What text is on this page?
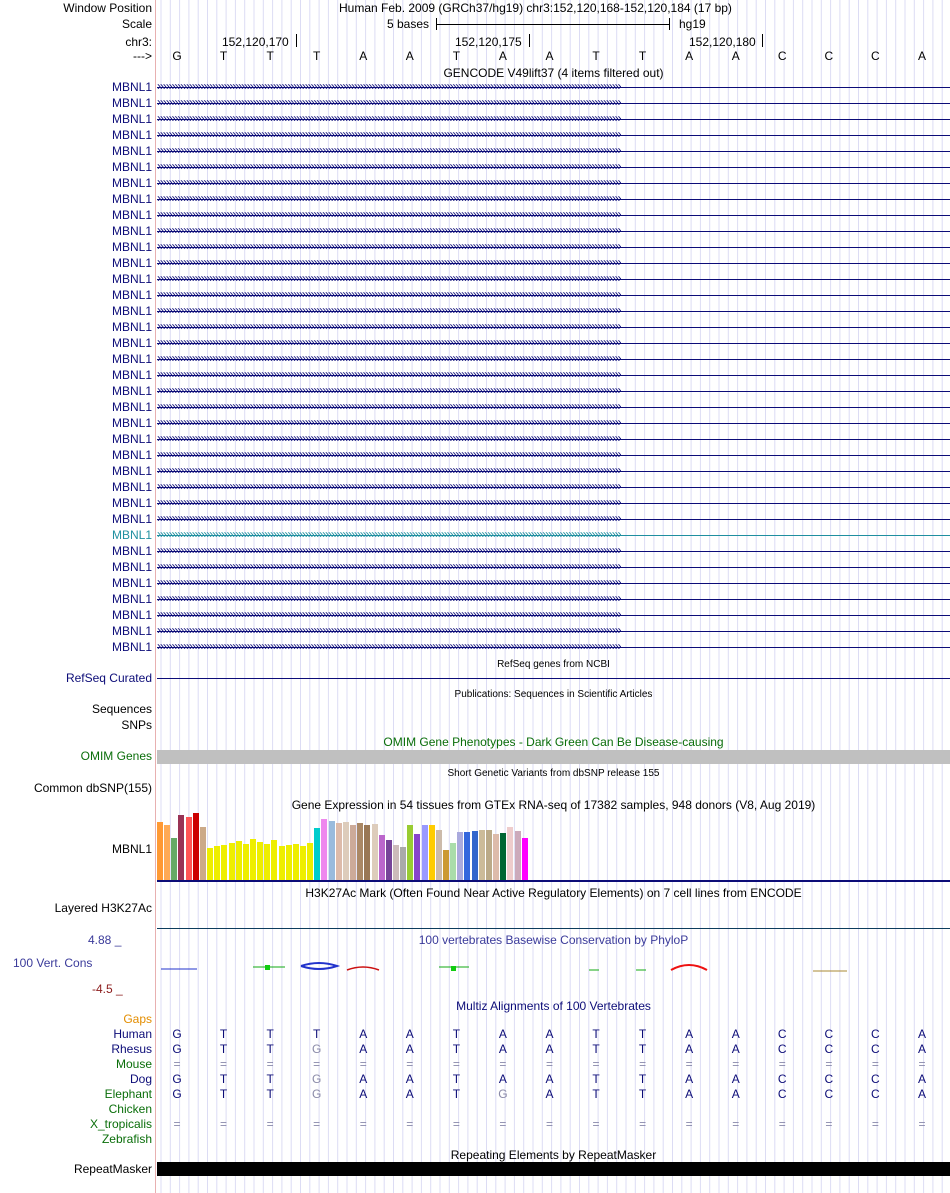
Window Position	Human Feb. 2009 (GRCh37/hg19) chr3:152,120,168-152,120,184 (17 bp)
Scale	5 bases	hg19
chr3:	152,120,170	152,120,175	152,120,180
---> G	T	T	T	A	A	T	A	A	T	T	A	A	C	C	C	A
GENCODE V49lift37 (4 items filtered out)
MBNL1 ››››››››››››››››››››››››››››››››››››››››››››››››››››››››››››››››››››››››››››››››››››››››››››››››››››››››››››››››››››››››››››››››››››››››››››››››››››››››››››››››
MBNL1 ››››››››››››››››››››››››››››››››››››››››››››››››››››››››››››››››››››››››››››››››››››››››››››››››››››››››››››››››››››››››››››››››››››››››››››››››››››››››››››››››
MBNL1 ››››››››››››››››››››››››››››››››››››››››››››››››››››››››››››››››››››››››››››››››››››››››››››››››››››››››››››››››››››››››››››››››››››››››››››››››››››››››››››››››
MBNL1 ››››››››››››››››››››››››››››››››››››››››››››››››››››››››››››››››››››››››››››››››››››››››››››››››››››››››››››››››››››››››››››››››››››››››››››››››››››››››››››››››
MBNL1 ››››››››››››››››››››››››››››››››››››››››››››››››››››››››››››››››››››››››››››››››››››››››››››››››››››››››››››››››››››››››››››››››››››››››››››››››››››››››››››››››
MBNL1 ››››››››››››››››››››››››››››››››››››››››››››››››››››››››››››››››››››››››››››››››››››››››››››››››››››››››››››››››››››››››››››››››››››››››››››››››››››››››››››››››
MBNL1 ››››››››››››››››››››››››››››››››››››››››››››››››››››››››››››››››››››››››››››››››››››››››››››››››››››››››››››››››››››››››››››››››››››››››››››››››››››››››››››››››
MBNL1 ››››››››››››››››››››››››››››››››››››››››››››››››››››››››››››››››››››››››››››››››››››››››››››››››››››››››››››››››››››››››››››››››››››››››››››››››››››››››››››››››
MBNL1 ››››››››››››››››››››››››››››››››››››››››››››››››››››››››››››››››››››››››››››››››››››››››››››››››››››››››››››››››››››››››››››››››››››››››››››››››››››››››››››››››
MBNL1 ››››››››››››››››››››››››››››››››››››››››››››››››››››››››››››››››››››››››››››››››››››››››››››››››››››››››››››››››››››››››››››››››››››››››››››››››››››››››››››››››
MBNL1 ››››››››››››››››››››››››››››››››››››››››››››››››››››››››››››››››››››››››››››››››››››››››››››››››››››››››››››››››››››››››››››››››››››››››››››››››››››››››››››››››
MBNL1 ››››››››››››››››››››››››››››››››››››››››››››››››››››››››››››››››››››››››››››››››››››››››››››››››››››››››››››››››››››››››››››››››››››››››››››››››››››››››››››››››
MBNL1 ››››››››››››››››››››››››››››››››››››››››››››››››››››››››››››››››››››››››››››››››››››››››››››››››››››››››››››››››››››››››››››››››››››››››››››››››››››››››››››››››
MBNL1 ››››››››››››››››››››››››››››››››››››››››››››››››››››››››››››››››››››››››››››››››››››››››››››››››››››››››››››››››››››››››››››››››››››››››››››››››››››››››››››››››
MBNL1 ››››››››››››››››››››››››››››››››››››››››››››››››››››››››››››››››››››››››››››››››››››››››››››››››››››››››››››››››››››››››››››››››››››››››››››››››››››››››››››››››
MBNL1 ››››››››››››››››››››››››››››››››››››››››››››››››››››››››››››››››››››››››››››››››››››››››››››››››››››››››››››››››››››››››››››››››››››››››››››››››››››››››››››››››
MBNL1 ››››››››››››››››››››››››››››››››››››››››››››››››››››››››››››››››››››››››››››››››››››››››››››››››››››››››››››››››››››››››››››››››››››››››››››››››››››››››››››››››
MBNL1 ››››››››››››››››››››››››››››››››››››››››››››››››››››››››››››››››››››››››››››››››››››››››››››››››››››››››››››››››››››››››››››››››››››››››››››››››››››››››››››››››
MBNL1 ››››››››››››››››››››››››››››››››››››››››››››››››››››››››››››››››››››››››››››››››››››››››››››››››››››››››››››››››››››››››››››››››››››››››››››››››››››››››››››››››
MBNL1 ››››››››››››››››››››››››››››››››››››››››››››››››››››››››››››››››››››››››››››››››››››››››››››››››››››››››››››››››››››››››››››››››››››››››››››››››››››››››››››››››
MBNL1 ››››››››››››››››››››››››››››››››››››››››››››››››››››››››››››››››››››››››››››››››››››››››››››››››››››››››››››››››››››››››››››››››››››››››››››››››››››››››››››››››
MBNL1 ››››››››››››››››››››››››››››››››››››››››››››››››››››››››››››››››››››››››››››››››››››››››››››››››››››››››››››››››››››››››››››››››››››››››››››››››››››››››››››››››
MBNL1 ››››››››››››››››››››››››››››››››››››››››››››››››››››››››››››››››››››››››››››››››››››››››››››››››››››››››››››››››››››››››››››››››››››››››››››››››››››››››››››››››
MBNL1 ››››››››››››››››››››››››››››››››››››››››››››››››››››››››››››››››››››››››››››››››››››››››››››››››››››››››››››››››››››››››››››››››››››››››››››››››››››››››››››››››
MBNL1 ››››››››››››››››››››››››››››››››››››››››››››››››››››››››››››››››››››››››››››››››››››››››››››››››››››››››››››››››››››››››››››››››››››››››››››››››››››››››››››››››
MBNL1 ››››››››››››››››››››››››››››››››››››››››››››››››››››››››››››››››››››››››››››››››››››››››››››››››››››››››››››››››››››››››››››››››››››››››››››››››››››››››››››››››
MBNL1 ››››››››››››››››››››››››››››››››››››››››››››››››››››››››››››››››››››››››››››››››››››››››››››››››››››››››››››››››››››››››››››››››››››››››››››››››››››››››››››››››
MBNL1 ››››››››››››››››››››››››››››››››››››››››››››››››››››››››››››››››››››››››››››››››››››››››››››››››››››››››››››››››››››››››››››››››››››››››››››››››››››››››››››››››
MBNL1 ››››››››››››››››››››››››››››››››››››››››››››››››››››››››››››››››››››››››››››››››››››››››››››››››››››››››››››››››››››››››››››››››››››››››››››››››››››››››››››››››
MBNL1 ››››››››››››››››››››››››››››››››››››››››››››››››››››››››››››››››››››››››››››››››››››››››››››››››››››››››››››››››››››››››››››››››››››››››››››››››››››››››››››››››
MBNL1 ››››››››››››››››››››››››››››››››››››››››››››››››››››››››››››››››››››››››››››››››››››››››››››››››››››››››››››››››››››››››››››››››››››››››››››››››››››››››››››››››
MBNL1 ››››››››››››››››››››››››››››››››››››››››››››››››››››››››››››››››››››››››››››››››››››››››››››››››››››››››››››››››››››››››››››››››››››››››››››››››››››››››››››››››
MBNL1 ››››››››››››››››››››››››››››››››››››››››››››››››››››››››››››››››››››››››››››››››››››››››››››››››››››››››››››››››››››››››››››››››››››››››››››››››››››››››››››››››
MBNL1 ››››››››››››››››››››››››››››››››››››››››››››››››››››››››››››››››››››››››››››››››››››››››››››››››››››››››››››››››››››››››››››››››››››››››››››››››››››››››››››››››
MBNL1 ››››››››››››››››››››››››››››››››››››››››››››››››››››››››››››››››››››››››››››››››››››››››››››››››››››››››››››››››››››››››››››››››››››››››››››››››››››››››››››››››
MBNL1 ››››››››››››››››››››››››››››››››››››››››››››››››››››››››››››››››››››››››››››››››››››››››››››››››››››››››››››››››››››››››››››››››››››››››››››››››››››››››››››››››
RefSeq genes from NCBI
RefSeq Curated
Publications: Sequences in Scientific Articles
Sequences
SNPs
OMIM Gene Phenotypes - Dark Green Can Be Disease-causing
OMIM Genes
Short Genetic Variants from dbSNP release 155
Common dbSNP(155)
Gene Expression in 54 tissues from GTEx RNA-seq of 17382 samples, 948 donors (V8, Aug 2019)
MBNL1
H3K27Ac Mark (Often Found Near Active Regulatory Elements) on 7 cell lines from ENCODE
Layered H3K27Ac
100 vertebrates Basewise Conservation by PhyloP
4.88 _
100 Vert. Cons
-4.5 _
Multiz Alignments of 100 Vertebrates
Gaps
Human G	T	T	T	A	A	T	A	A	T	T	A	A	C	C	C	A
Rhesus G	T	T	G	A	A	T	A	A	T	T	A	A	C	C	C	A
Mouse =	=	=	=	=	=	=	=	=	=	=	=	=	=	=	=	=
Dog G	T	T	G	A	A	T	A	A	T	T	A	A	C	C	C	A
Elephant G	T	T	G	A	A	T	G	A	T	T	A	A	C	C	C	A
Chicken
X_tropicalis =	=	=	=	=	=	=	=	=	=	=	=	=	=	=	=	=
Zebrafish
Repeating Elements by RepeatMasker
RepeatMasker
